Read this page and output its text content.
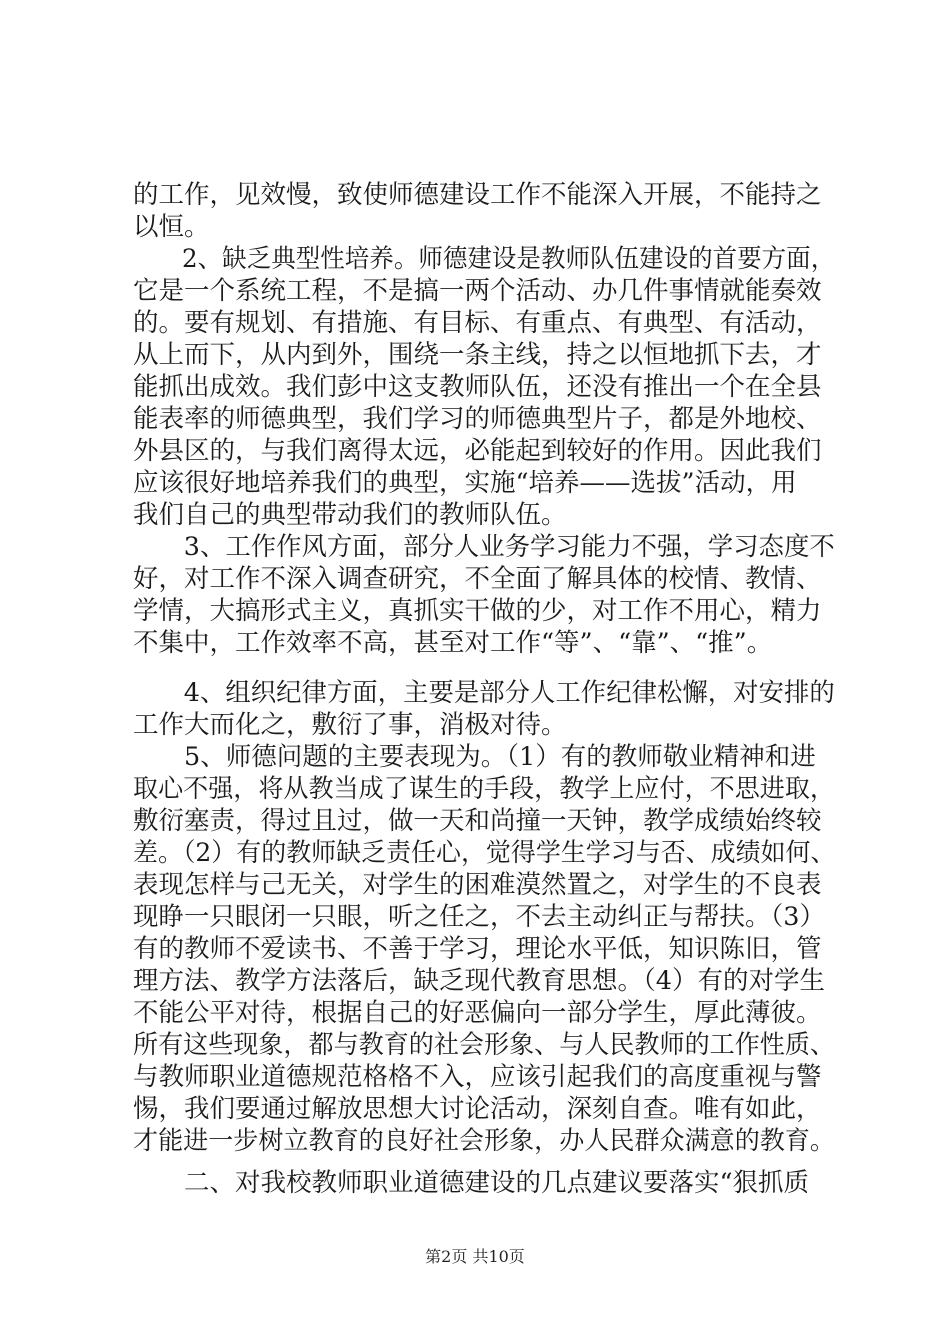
的工作，见效慢，致使师德建设工作不能深入开展，不能持之
以恒。
　　2、缺乏典型性培养。师德建设是教师队伍建设的首要方面，
它是一个系统工程，不是搞一两个活动、办几件事情就能奏效
的。要有规划、有措施、有目标、有重点、有典型、有活动，
从上而下，从内到外，围绕一条主线，持之以恒地抓下去，才
能抓出成效。我们彭中这支教师队伍，还没有推出一个在全县
能表率的师德典型，我们学习的师德典型片子，都是外地校、
外县区的，与我们离得太远，必能起到较好的作用。因此我们
应该很好地培养我们的典型，实施“培养——选拔”活动，用
我们自己的典型带动我们的教师队伍。
　　3、工作作风方面，部分人业务学习能力不强，学习态度不
好，对工作不深入调查研究，不全面了解具体的校情、教情、
学情，大搞形式主义，真抓实干做的少，对工作不用心，精力
不集中，工作效率不高，甚至对工作“等”、“靠”、“推”。
　　4、组织纪律方面，主要是部分人工作纪律松懈，对安排的
工作大而化之，敷衍了事，消极对待。
　　5、师德问题的主要表现为。（1）有的教师敬业精神和进
取心不强，将从教当成了谋生的手段，教学上应付，不思进取，
敷衍塞责，得过且过，做一天和尚撞一天钟，教学成绩始终较
差。（2）有的教师缺乏责任心，觉得学生学习与否、成绩如何、
表现怎样与己无关，对学生的困难漠然置之，对学生的不良表
现睁一只眼闭一只眼，听之任之，不去主动纠正与帮扶。（3）
有的教师不爱读书、不善于学习，理论水平低，知识陈旧，管
理方法、教学方法落后，缺乏现代教育思想。（4）有的对学生
不能公平对待，根据自己的好恶偏向一部分学生，厚此薄彼。
所有这些现象，都与教育的社会形象、与人民教师的工作性质、
与教师职业道德规范格格不入，应该引起我们的高度重视与警
惕，我们要通过解放思想大讨论活动，深刻自查。唯有如此，
才能进一步树立教育的良好社会形象，办人民群众满意的教育。
　　二、对我校教师职业道德建设的几点建议要落实“狠抓质
第2页 共10页
